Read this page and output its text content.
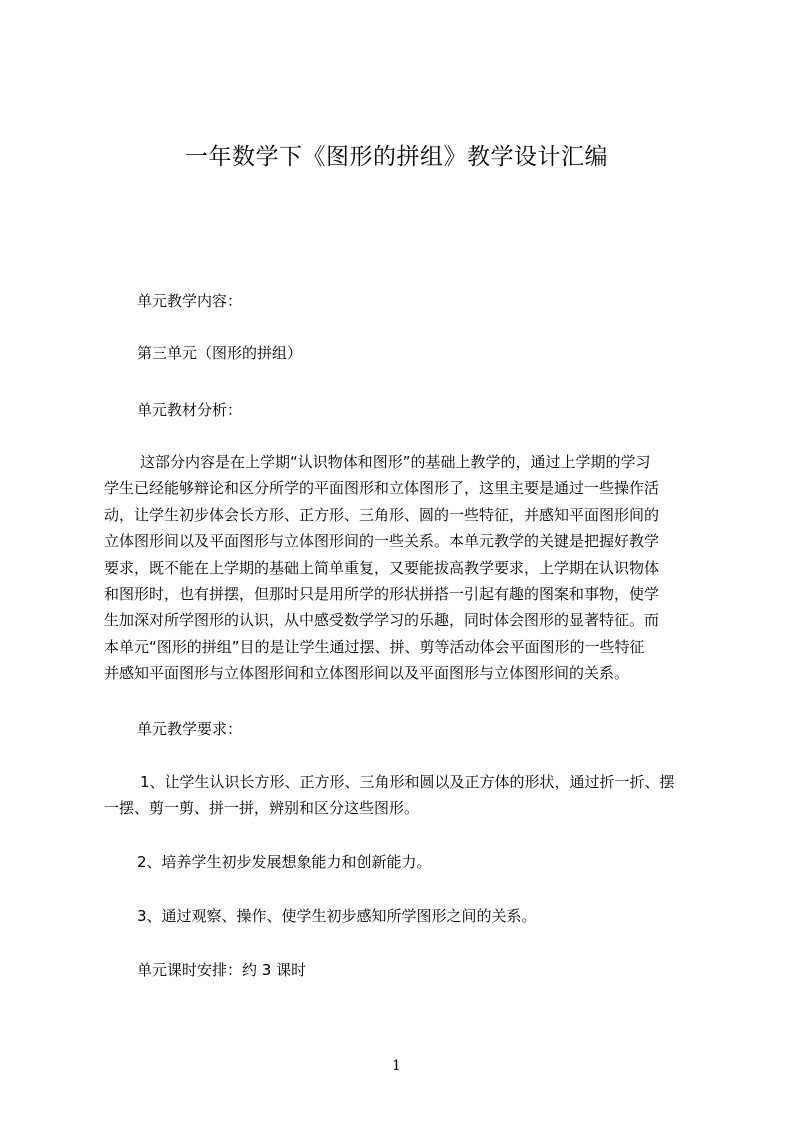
一年数学下《图形的拼组》教学设计汇编
单元教学内容：
第三单元（图形的拼组）
单元教材分析：
这部分内容是在上学期“认识物体和图形”的基础上教学的，通过上学期的学习
学生已经能够辩论和区分所学的平面图形和立体图形了，这里主要是通过一些操作活
动，让学生初步体会长方形、正方形、三角形、圆的一些特征，并感知平面图形间的
立体图形间以及平面图形与立体图形间的一些关系。本单元教学的关键是把握好教学
要求，既不能在上学期的基础上简单重复，又要能拔高教学要求，上学期在认识物体
和图形时，也有拼摆，但那时只是用所学的形状拼搭一引起有趣的图案和事物，使学
生加深对所学图形的认识，从中感受数学学习的乐趣，同时体会图形的显著特征。而
本单元“图形的拼组”目的是让学生通过摆、拼、剪等活动体会平面图形的一些特征
并感知平面图形与立体图形间和立体图形间以及平面图形与立体图形间的关系。
单元教学要求：
1、让学生认识长方形、正方形、三角形和圆以及正方体的形状，通过折一折、摆
一摆、剪一剪、拼一拼，辨别和区分这些图形。
2、培养学生初步发展想象能力和创新能力。
3、通过观察、操作、使学生初步感知所学图形之间的关系。
单元课时安排：约 3 课时
1
